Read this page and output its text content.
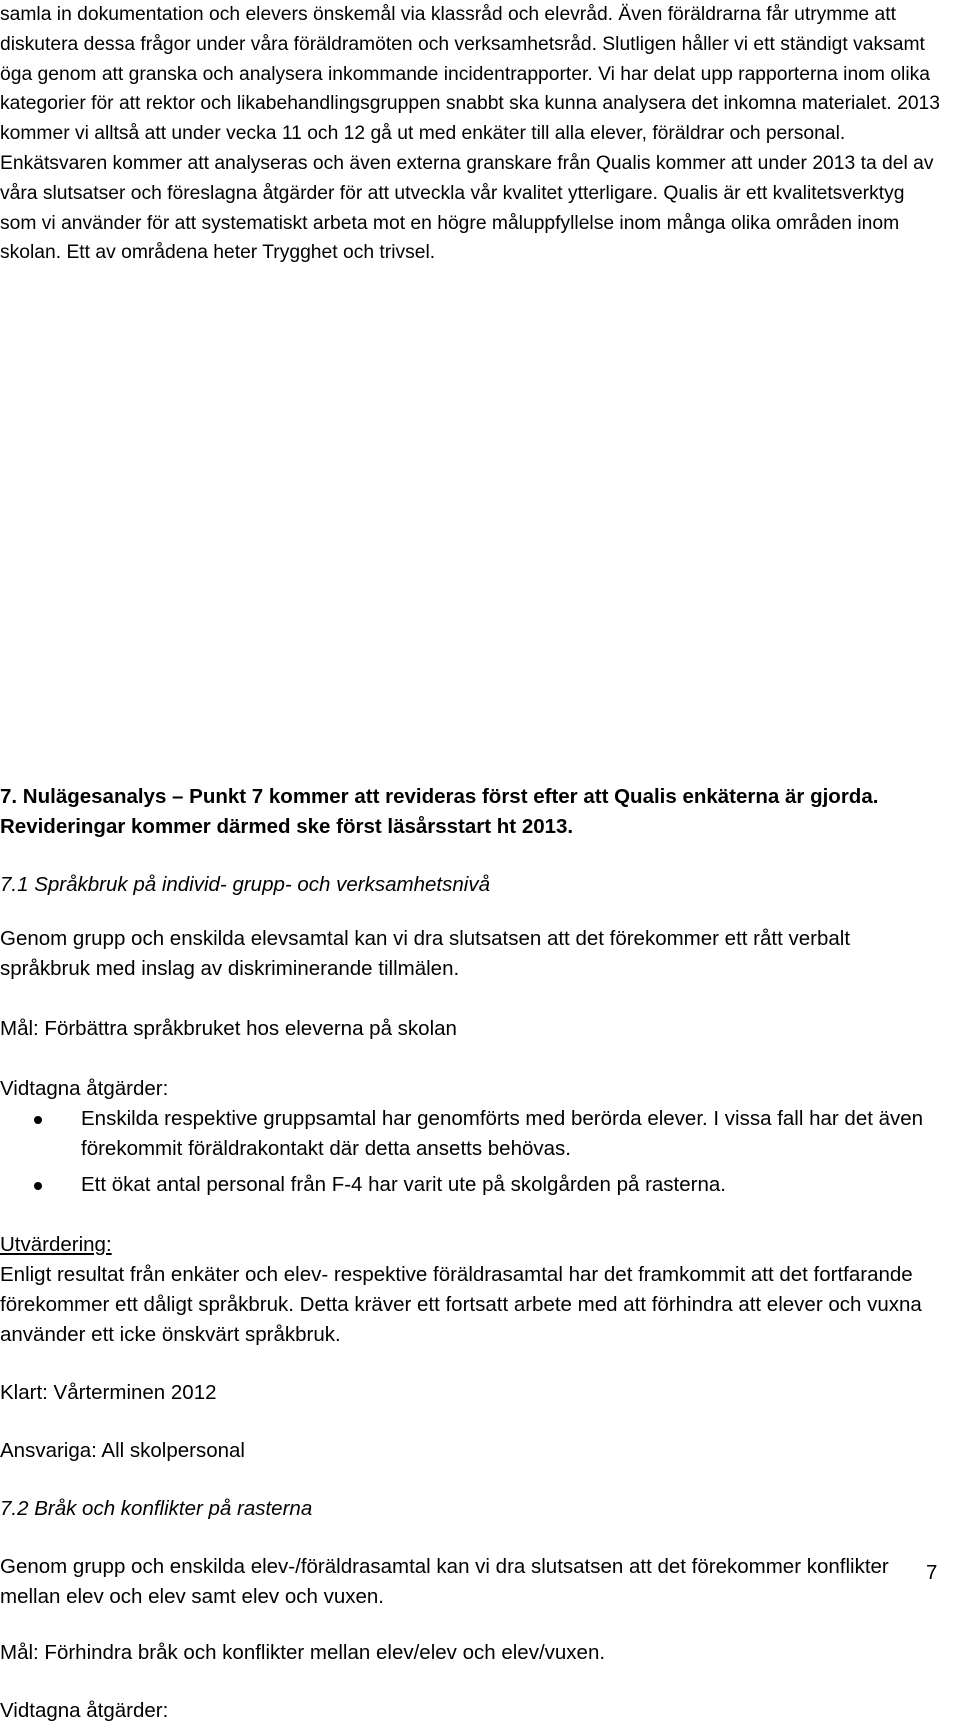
samla in dokumentation och elevers önskemål via klassråd och elevråd. Även föräldrarna får utrymme att diskutera dessa frågor under våra föräldramöten och verksamhetsråd. Slutligen håller vi ett ständigt vaksamt öga genom att granska och analysera inkommande incidentrapporter. Vi har delat upp rapporterna inom olika kategorier för att rektor och likabehandlingsgruppen snabbt ska kunna analysera det inkomna materialet. 2013 kommer vi alltså att under vecka 11 och 12 gå ut med enkäter till alla elever, föräldrar och personal. Enkätsvaren kommer att analyseras och även externa granskare från Qualis kommer att under 2013 ta del av våra slutsatser och föreslagna åtgärder för att utveckla vår kvalitet ytterligare. Qualis är ett kvalitetsverktyg som vi använder för att systematiskt arbeta mot en högre måluppfyllelse inom många olika områden inom skolan. Ett av områdena heter Trygghet och trivsel.

7. Nulägesanalys – Punkt 7 kommer att revideras först efter att Qualis enkäterna är gjorda. Revideringar kommer därmed ske först läsårsstart ht 2013.

7.1 Språkbruk på individ- grupp- och verksamhetsnivå

Genom grupp och enskilda elevsamtal kan vi dra slutsatsen att det förekommer ett rått verbalt språkbruk med inslag av diskriminerande tillmälen.

Mål: Förbättra språkbruket hos eleverna på skolan

Vidtagna åtgärder:

Enskilda respektive gruppsamtal har genomförts med berörda elever. I vissa fall har det även förekommit föräldrakontakt där detta ansetts behövas.
Ett ökat antal personal från F-4 har varit ute på skolgården på rasterna.

Utvärdering:
Enligt resultat från enkäter och elev- respektive föräldrasamtal har det framkommit att det fortfarande förekommer ett dåligt språkbruk. Detta kräver ett fortsatt arbete med att förhindra att elever och vuxna använder ett icke önskvärt språkbruk.

Klart: Vårterminen 2012

Ansvariga: All skolpersonal

7.2 Bråk och konflikter på rasterna

Genom grupp och enskilda elev-/föräldrasamtal kan vi dra slutsatsen att det förekommer konflikter mellan elev och elev samt elev och vuxen.

Mål: Förhindra bråk och konflikter mellan elev/elev och elev/vuxen.

Vidtagna åtgärder:

7
